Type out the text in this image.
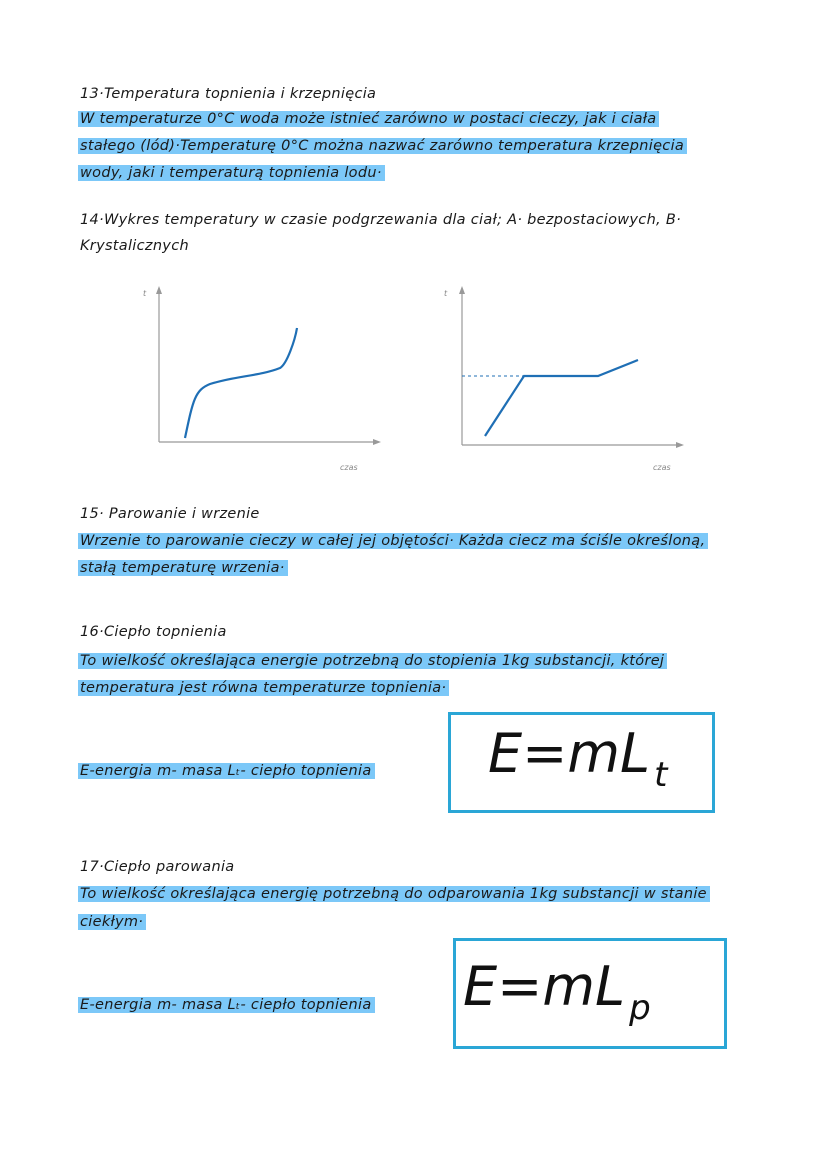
13·Temperatura topnienia i krzepnięcia
W temperaturze 0°C woda może istnieć zarówno w postaci cieczy, jak i ciała
stałego (lód)·Temperaturę 0°C można nazwać zarówno temperatura krzepnięcia
wody, jaki i temperaturą topnienia lodu·
14·Wykres temperatury w czasie podgrzewania dla ciał; A· bezpostaciowych, B·
Krystalicznych
t
czas
t
czas
15· Parowanie i wrzenie
Wrzenie to parowanie cieczy w całej jej objętości· Każda ciecz ma ściśle określoną,
stałą temperaturę wrzenia·
16·Ciepło topnienia
To wielkość określająca energie potrzebną do stopienia 1kg substancji, której
temperatura jest równa temperaturze topnienia·
E-energia m- masa Lₜ- ciepło topnienia E=mL $_t$
17·Ciepło parowania
To wielkość określająca energię potrzebną do odparowania 1kg substancji w stanie
ciekłym·
E-energia m- masa Lₜ- ciepło topnienia E=mL $_p$
